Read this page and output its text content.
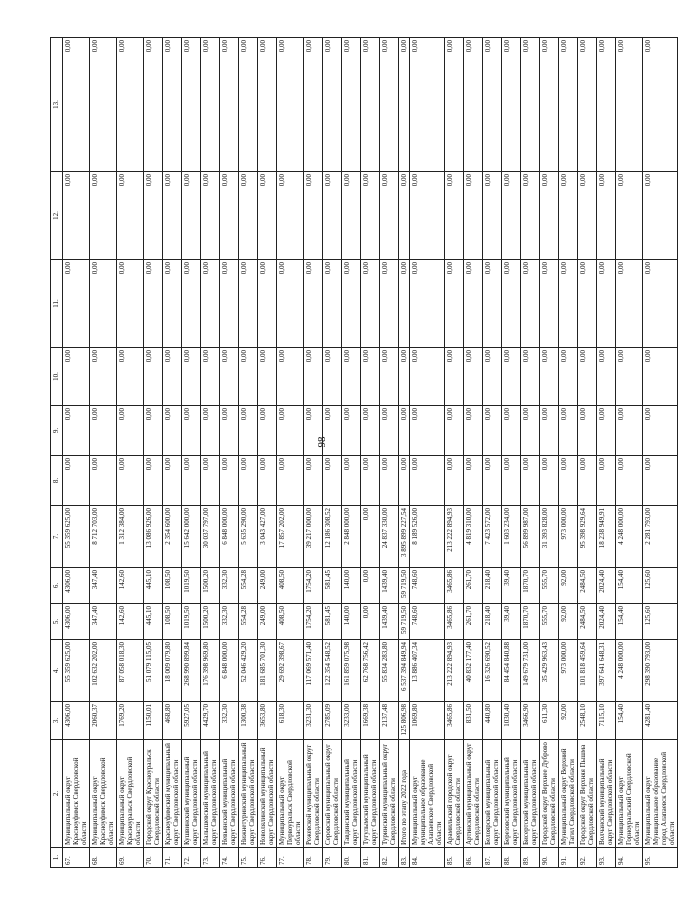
98
1.	2.	3.	4.	5.	6.	7.	8.	9.	10.	11.	12.	13.
67.	Муниципальный округ Красноуфимск Свердловской области	4306,00	55 359 625,00	4306,00	4306,00	55 359 625,00	0,00	0,00	0,00	0,00	0,00	0,00
68.	Муниципальный округ Красноуфимск Свердловской области	2060,37	102 632 202,00	347,40	347,40	8 712 703,00	0,00	0,00	0,00	0,00	0,00	0,00
69.	Муниципальный округ Красноуральск Свердловской области	1769,20	87 058 018,30	142,60	142,60	1 312 384,00	0,00	0,00	0,00	0,00	0,00	0,00
70.	Городской округ Красноуральск Свердловской области	1150,01	51 079 115,05	445,10	445,10	13 086 926,00	0,00	0,00	0,00	0,00	0,00	0,00
71.	Красноуфимский муниципальный округ Свердловской области	468,80	18 009 079,80	108,50	108,50	2 354 600,00	0,00	0,00	0,00	0,00	0,00	0,00
72.	Кушвинский муниципальный округ Свердловской области	5927,05	268 990 899,84	1019,50	1019,50	15 642 000,00	0,00	0,00	0,00	0,00	0,00	0,00
73.	Малышевский муниципальный округ Свердловской области	4429,70	176 398 969,80	1500,20	1500,20	30 037 797,00	0,00	0,00	0,00	0,00	0,00	0,00
74.	Невьянский муниципальный округ Свердловской области	332,30	6 848 000,00	332,30	332,30	6 848 000,00	0,00	0,00	0,00	0,00	0,00	0,00
75.	Нижнетуринский муниципальный округ Свердловской области	1300,38	52 046 429,20	554,28	554,28	5 635 290,00	0,00	0,00	0,00	0,00	0,00	0,00
76.	Новолялинский муниципальный округ Свердловской области	3653,80	181 685 701,30	249,00	249,00	3 043 427,00	0,00	0,00	0,00	0,00	0,00	0,00
77.	Муниципальный округ Первоуральск Свердловской области	618,30	29 692 398,67	408,50	408,50	17 857 202,00	0,00	0,00	0,00	0,00	0,00	0,00
78.	Режевской муниципальный округ Свердловской области	3231,30	117 069 571,40	1754,20	1754,20	39 217 000,00	0,00	0,00	0,00	0,00	0,00	0,00
79.	Серовский муниципальный округ Свердловской области	2785,09	122 354 548,52	581,45	581,45	12 186 308,52	0,00	0,00	0,00	0,00	0,00	0,00
80.	Тавдинский муниципальный округ Свердловской области	3233,00	161 859 075,98	140,00	140,00	2 848 000,00	0,00	0,00	0,00	0,00	0,00	0,00
81.	Тугулымский муниципальный округ Свердловской области	1669,38	62 768 756,42	0,00	0,00	0,00	0,00	0,00	0,00	0,00	0,00	0,00
82.	Туринский муниципальный округ Свердловской области	2137,48	55 834 283,80	1439,40	1439,40	24 837 330,00	0,00	0,00	0,00	0,00	0,00	0,00
83.	Итого по этапу 2022 года	125 806,98	6 537 394 849,94	59 719,50	59 719,50	3 895 899 227,54	0,00	0,00	0,00	0,00	0,00	0,00
84.	Муниципальный округ муниципальное образование Алапаевское Свердловской области	1069,80	13 886 407,34	748,60	748,60	8 189 526,00	0,00	0,00	0,00	0,00	0,00	0,00
85.	Арамильский городской округ Свердловской области	3465,86	213 222 894,93	3465,86	3465,86	213 222 894,93	0,00	0,00	0,00	0,00	0,00	0,00
86.	Артинский муниципальный округ Свердловской области	831,50	40 832 177,40	261,70	261,70	4 819 310,00	0,00	0,00	0,00	0,00	0,00	0,00
87.	Белоярский муниципальный округ Свердловской области	440,80	16 326 690,52	218,40	218,40	7 423 572,00	0,00	0,00	0,00	0,00	0,00	0,00
88.	Березовский муниципальный округ Свердловской области	1030,40	84 454 840,88	39,40	39,40	1 603 234,00	0,00	0,00	0,00	0,00	0,00	0,00
89.	Бисертский муниципальный округ Свердловской области	3466,90	149 679 731,00	1870,70	1870,70	56 899 987,00	0,00	0,00	0,00	0,00	0,00	0,00
90.	Городской округ Верхнее Дуброво Свердловской области	611,30	35 429 963,43	555,70	555,70	31 393 828,00	0,00	0,00	0,00	0,00	0,00	0,00
91.	Муниципальный округ Верхний Тагил Свердловской области	92,00	973 000,00	92,00	92,00	973 000,00	0,00	0,00	0,00	0,00	0,00	0,00
92.	Городской округ Верхняя Пышма Свердловской области	2548,10	101 818 459,64	2484,50	2484,50	95 398 929,64	0,00	0,00	0,00	0,00	0,00	0,00
93.	Волчанский муниципальный округ Свердловской области	7115,10	397 641 648,31	2024,40	2024,40	18 238 949,91	0,00	0,00	0,00	0,00	0,00	0,00
94.	Муниципальный округ Горноуральский Свердловской области	154,40	4 248 000,00	154,40	154,40	4 248 000,00	0,00	0,00	0,00	0,00	0,00	0,00
95.	Муниципальный округ Муниципальное образование город Алапаевск Свердловской области	4281,40	298 390 793,00	125,60	125,60	2 281 793,00	0,00	0,00	0,00	0,00	0,00	0,00
